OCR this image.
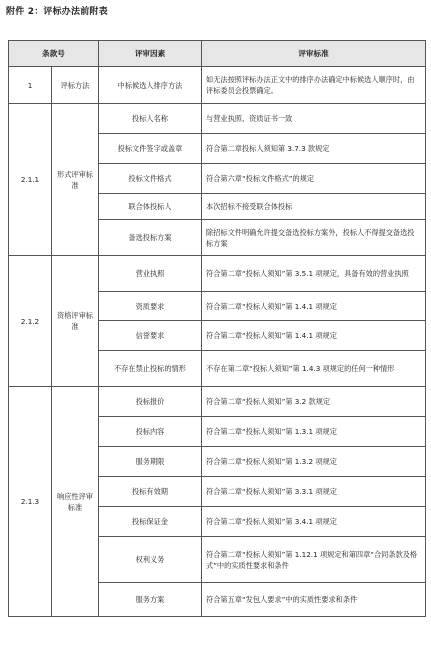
附件 2：评标办法前附表
条款号		评审因素	评审标准
1	评标方法	中标候选人排序方法	如无法按照评标办法正文中的排序办法确定中标候选人顺序时，由评标委员会投票确定。
2.1.1	形式评审标准	投标人名称	与营业执照、资质证书一致
		投标文件签字或盖章	符合第二章投标人须知第 3.7.3 款规定
		投标文件格式	符合第六章“投标文件格式”的规定
		联合体投标人	本次招标不接受联合体投标
		备选投标方案	除招标文件明确允许提交备选投标方案外，投标人不得提交备选投标方案
2.1.2	资格评审标准	营业执照	符合第二章“投标人须知”第 3.5.1 项规定，具备有效的营业执照
		资质要求	符合第二章“投标人须知”第 1.4.1 项规定
		信誉要求	符合第二章“投标人须知”第 1.4.1 项规定
		不存在禁止投标的情形	不存在第二章“投标人须知”第 1.4.3 项规定的任何一种情形
2.1.3	响应性评审标准	投标报价	符合第二章“投标人须知”第 3.2 款规定
		投标内容	符合第二章“投标人须知”第 1.3.1 项规定
		服务期限	符合第二章“投标人须知”第 1.3.2 项规定
		投标有效期	符合第二章“投标人须知”第 3.3.1 项规定
		投标保证金	符合第二章“投标人须知”第 3.4.1 项规定
		权利义务	符合第二章“投标人须知”第 1.12.1 项规定和第四章“合同条款及格式”中的实质性要求和条件
		服务方案	符合第五章“发包人要求”中的实质性要求和条件
